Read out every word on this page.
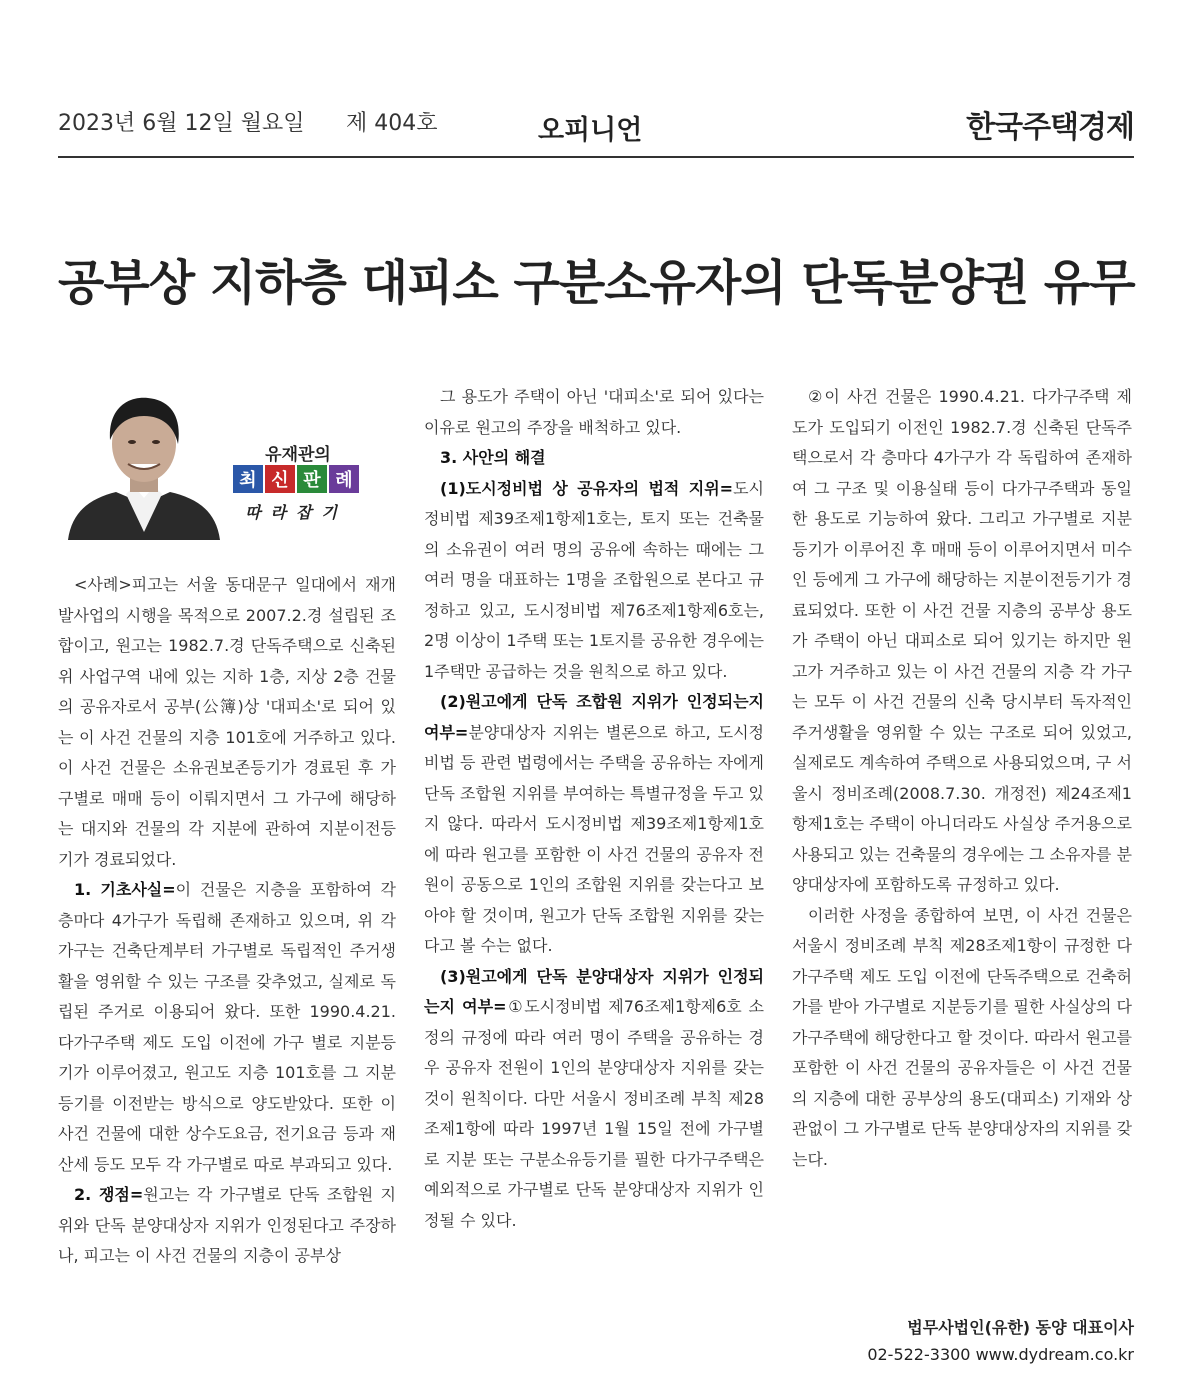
2023년 6월 12일 월요일 제 404호	오피니언	한국주택경제
공부상 지하층 대피소 구분소유자의 단독분양권 유무
유재관의
최 신 판 례
따라잡기

<사례>피고는 서울 동대문구 일대에서 재개발사업의 시행을 목적으로 2007.2.경 설립된 조합이고, 원고는 1982.7.경 단독주택으로 신축된 위 사업구역 내에 있는 지하 1층, 지상 2층 건물의 공유자로서 공부(公簿)상 '대피소'로 되어 있는 이 사건 건물의 지층 101호에 거주하고 있다. 이 사건 건물은 소유권보존등기가 경료된 후 가구별로 매매 등이 이뤄지면서 그 가구에 해당하는 대지와 건물의 각 지분에 관하여 지분이전등기가 경료되었다.

1. 기초사실=이 건물은 지층을 포함하여 각 층마다 4가구가 독립해 존재하고 있으며, 위 각 가구는 건축단계부터 가구별로 독립적인 주거생활을 영위할 수 있는 구조를 갖추었고, 실제로 독립된 주거로 이용되어 왔다. 또한 1990.4.21. 다가구주택 제도 도입 이전에 가구 별로 지분등기가 이루어졌고, 원고도 지층 101호를 그 지분등기를 이전받는 방식으로 양도받았다. 또한 이 사건 건물에 대한 상수도요금, 전기요금 등과 재산세 등도 모두 각 가구별로 따로 부과되고 있다.

2. 쟁점=원고는 각 가구별로 단독 조합원 지위와 단독 분양대상자 지위가 인정된다고 주장하나, 피고는 이 사건 건물의 지층이 공부상

그 용도가 주택이 아닌 '대피소'로 되어 있다는 이유로 원고의 주장을 배척하고 있다.

3. 사안의 해결

(1)도시정비법 상 공유자의 법적 지위=도시정비법 제39조제1항제1호는, 토지 또는 건축물의 소유권이 여러 명의 공유에 속하는 때에는 그 여러 명을 대표하는 1명을 조합원으로 본다고 규정하고 있고, 도시정비법 제76조제1항제6호는, 2명 이상이 1주택 또는 1토지를 공유한 경우에는 1주택만 공급하는 것을 원칙으로 하고 있다.

(2)원고에게 단독 조합원 지위가 인정되는지 여부=분양대상자 지위는 별론으로 하고, 도시정비법 등 관련 법령에서는 주택을 공유하는 자에게 단독 조합원 지위를 부여하는 특별규정을 두고 있지 않다. 따라서 도시정비법 제39조제1항제1호에 따라 원고를 포함한 이 사건 건물의 공유자 전원이 공동으로 1인의 조합원 지위를 갖는다고 보아야 할 것이며, 원고가 단독 조합원 지위를 갖는다고 볼 수는 없다.

(3)원고에게 단독 분양대상자 지위가 인정되는지 여부=①도시정비법 제76조제1항제6호 소정의 규정에 따라 여러 명이 주택을 공유하는 경우 공유자 전원이 1인의 분양대상자 지위를 갖는 것이 원칙이다. 다만 서울시 정비조례 부칙 제28조제1항에 따라 1997년 1월 15일 전에 가구별로 지분 또는 구분소유등기를 필한 다가구주택은 예외적으로 가구별로 단독 분양대상자 지위가 인정될 수 있다.

②이 사건 건물은 1990.4.21. 다가구주택 제도가 도입되기 이전인 1982.7.경 신축된 단독주택으로서 각 층마다 4가구가 각 독립하여 존재하여 그 구조 및 이용실태 등이 다가구주택과 동일한 용도로 기능하여 왔다. 그리고 가구별로 지분등기가 이루어진 후 매매 등이 이루어지면서 미수인 등에게 그 가구에 해당하는 지분이전등기가 경료되었다. 또한 이 사건 건물 지층의 공부상 용도가 주택이 아닌 대피소로 되어 있기는 하지만 원고가 거주하고 있는 이 사건 건물의 지층 각 가구는 모두 이 사건 건물의 신축 당시부터 독자적인 주거생활을 영위할 수 있는 구조로 되어 있었고, 실제로도 계속하여 주택으로 사용되었으며, 구 서울시 정비조례(2008.7.30. 개정전) 제24조제1항제1호는 주택이 아니더라도 사실상 주거용으로 사용되고 있는 건축물의 경우에는 그 소유자를 분양대상자에 포함하도록 규정하고 있다.

이러한 사정을 종합하여 보면, 이 사건 건물은 서울시 정비조례 부칙 제28조제1항이 규정한 다가구주택 제도 도입 이전에 단독주택으로 건축허가를 받아 가구별로 지분등기를 필한 사실상의 다가구주택에 해당한다고 할 것이다. 따라서 원고를 포함한 이 사건 건물의 공유자들은 이 사건 건물의 지층에 대한 공부상의 용도(대피소) 기재와 상관없이 그 가구별로 단독 분양대상자의 지위를 갖는다.

법무사법인(유한) 동양 대표이사
02-522-3300 www.dydream.co.kr
